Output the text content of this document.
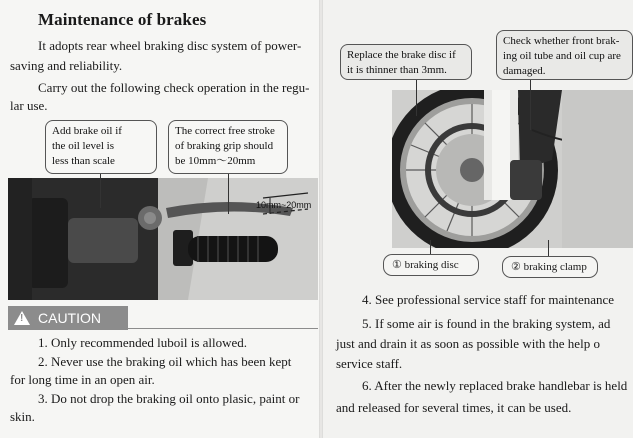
Maintenance of brakes
It adopts rear wheel braking disc system of power-
saving and reliability.
Carry out the following check operation in the regu-
lar use.
Add brake oil if
the oil level is
less than scale
The correct free stroke
of braking grip should
be 10mm～20mm
10mm~20mm
! CAUTION
1. Only recommended luboil is allowed.
2. Never use the braking oil which has been kept
for long time in an open air.
3. Do not drop the braking oil onto plasic, paint or
skin.
Replace the brake disc if
it is thinner than 3mm.
Check whether front brak-
ing oil tube and oil cup are
damaged.
① braking disc	② braking clamp
4. See professional service staff for maintenance
5. If some air is found in the braking system, ad
just and drain it as soon as possible with the help o
service staff.
6. After the newly replaced brake handlebar is held
and released for several times, it can be used.
